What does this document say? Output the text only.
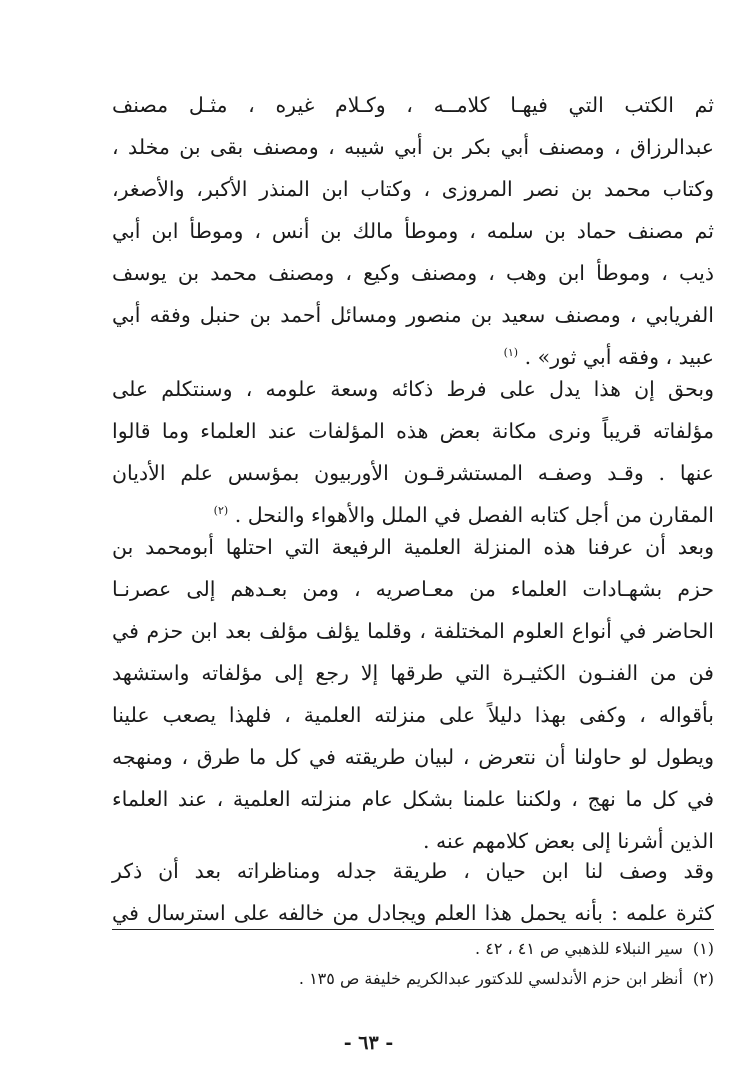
ثم الكتب التي فيهـا كلامــه ، وكـلام غيره ، مثـل مصنف
عبدالرزاق ، ومصنف أبي بكر بن أبي شيبه ، ومصنف بقى بن مخلد ،
وكتاب محمد بن نصر المروزى ، وكتاب ابن المنذر الأكبر، والأصغر،
ثم مصنف حماد بن سلمه ، وموطأ مالك بن أنس ، وموطأ ابن أبي
ذيب ، وموطأ ابن وهب ، ومصنف وكيع ، ومصنف محمد بن يوسف
الفريابي ، ومصنف سعيد بن منصور ومسائل أحمد بن حنبل وفقه أبي
عبيد ، وفقه أبي ثور» . $^{(١)}$
وبحق إن هذا يدل على فرط ذكائه وسعة علومه ، وسنتكلم على
مؤلفاته قريباً ونرى مكانة بعض هذه المؤلفات عند العلماء وما قالوا
عنها . وقـد وصفـه المستشرقـون الأوربيون بمؤسس علم الأديان
المقارن من أجل كتابه الفصل في الملل والأهواء والنحل . $^{(٢)}$
وبعد أن عرفنا هذه المنزلة العلمية الرفيعة التي احتلها أبومحمد بن
حزم بشهـادات العلماء من معـاصريه ، ومن بعـدهم إلى عصرنـا
الحاضر في أنواع العلوم المختلفة ، وقلما يؤلف مؤلف بعد ابن حزم في
فن من الفنـون الكثيـرة التي طرقها إلا رجع إلى مؤلفاته واستشهد
بأقواله ، وكفى بهذا دليلاً على منزلته العلمية ، فلهذا يصعب علينا
ويطول لو حاولنا أن نتعرض ، لبيان طريقته في كل ما طرق ، ومنهجه
في كل ما نهج ، ولكننا علمنا بشكل عام منزلته العلمية ، عند العلماء
الذين أشرنا إلى بعض كلامهم عنه .
وقد وصف لنا ابن حيان ، طريقة جدله ومناظراته بعد أن ذكر
كثرة علمه : بأنه يحمل هذا العلم ويجادل من خالفه على استرسال في
(١)سير النبلاء للذهبي ص ٤١ ، ٤٢ .
(٢)أنظر ابن حزم الأندلسي للدكتور عبدالكريم خليفة ص ١٣٥ .
- ٦٣ -
